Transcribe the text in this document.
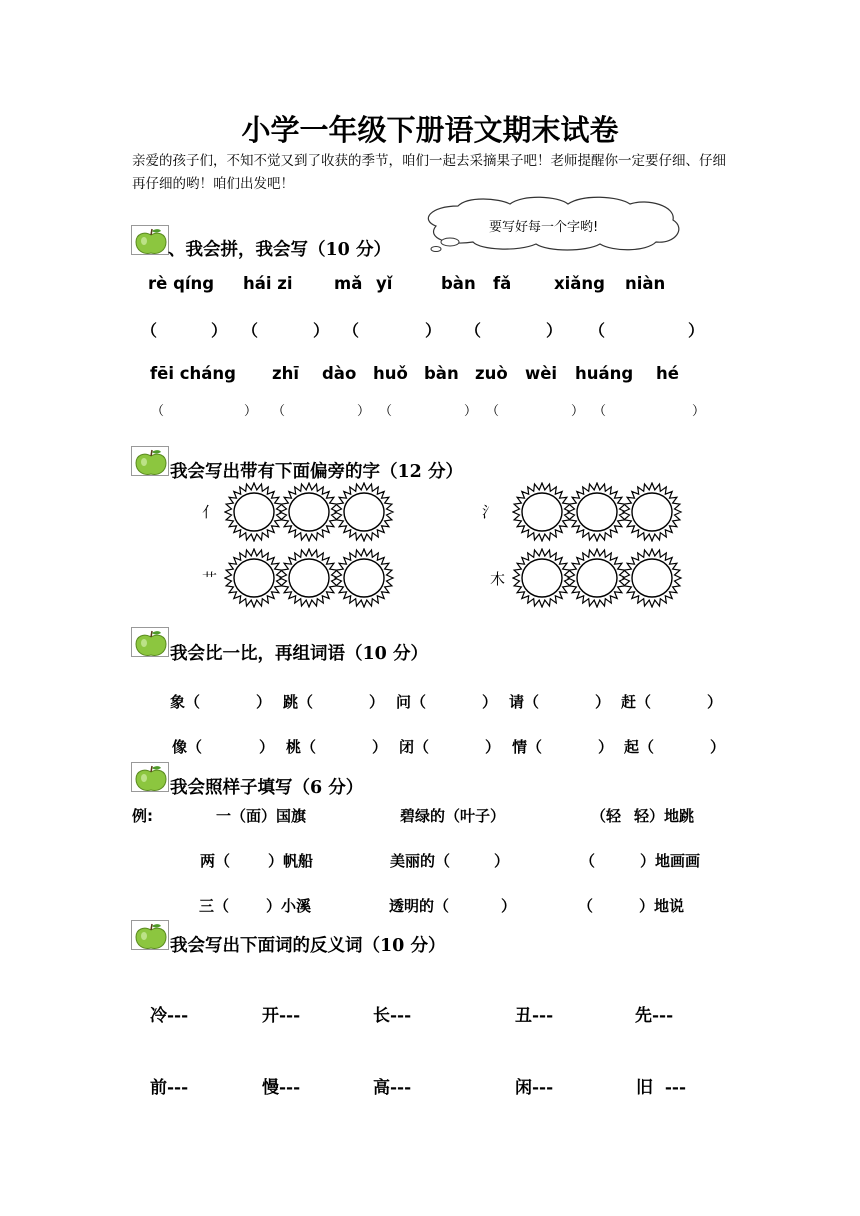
小学一年级下册语文期末试卷
亲爱的孩子们，不知不觉又到了收获的季节，咱们一起去采摘果子吧！老师提醒你一定要仔细、仔细再仔细的哟！咱们出发吧！
要写好每一个字哟!
、我会拼，我会写（10 分）
rè qíng hái zi	mǎ yǐ	bàn fǎ	xiǎng niàn
（	） （	） （	） （	） （	）
fēi cháng zhī dào huǒ bàn zuò wèi huáng hé
（	） （	） （	） （	） （	）
我会写出带有下面偏旁的字（12 分）
亻	氵
艹	木
我会比一比，再组词语（10 分）
象（	） 跳（	） 问（	） 请（	） 赶（	）
像（	） 桃（	） 闭（	） 情（	） 起（	）
我会照样子填写（6 分）
例:	一（面）国旗	碧绿的（叶子）	（轻 轻）地跳
两（	）帆船	美丽的（	）	（	）地画画
三（ ）小溪	透明的（	）	（	）地说
我会写出下面词的反义词（10 分）
冷---	开---	长---	丑---	先---
前---	慢---	高---	闲---	旧  ---
